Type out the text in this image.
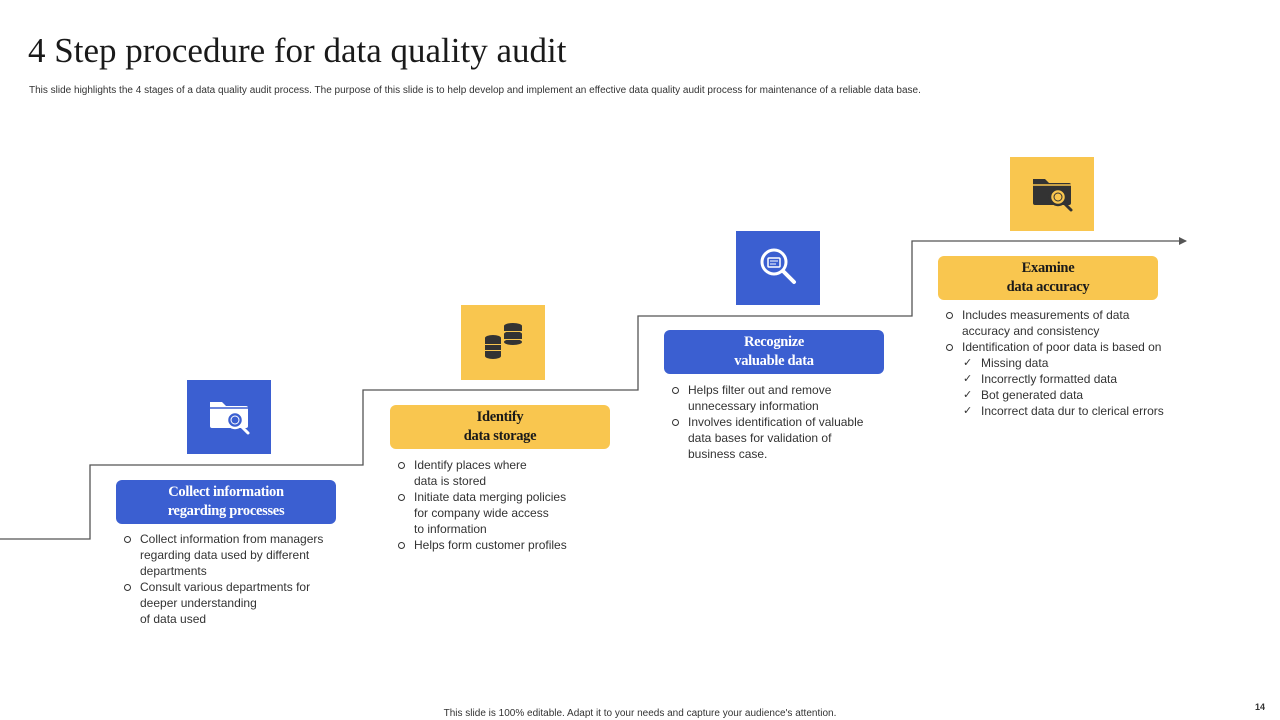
4 Step procedure for data quality audit

This slide highlights the 4 stages of a data quality audit process. The purpose of this slide is to help develop and implement an effective data quality audit process for maintenance of a reliable data base.

Collect information
regarding processes
Collect information from managers
regarding data used by different
departments
Consult various departments for
deeper understanding
of data used
Identify
data storage
Identify places where
data is stored
Initiate data merging policies
for company wide access
to information
Helps form customer profiles
Recognize
valuable data
Helps filter out and remove
unnecessary information
Involves identification of valuable
data bases for validation of
business case.
Examine
data accuracy
Includes measurements of data
accuracy and consistency
Identification of poor data is based on
✓ Missing data
✓ Incorrectly formatted data
✓ Bot generated data
✓ Incorrect data dur to clerical errors
This slide is 100% editable. Adapt it to your needs and capture your audience's attention.
14
